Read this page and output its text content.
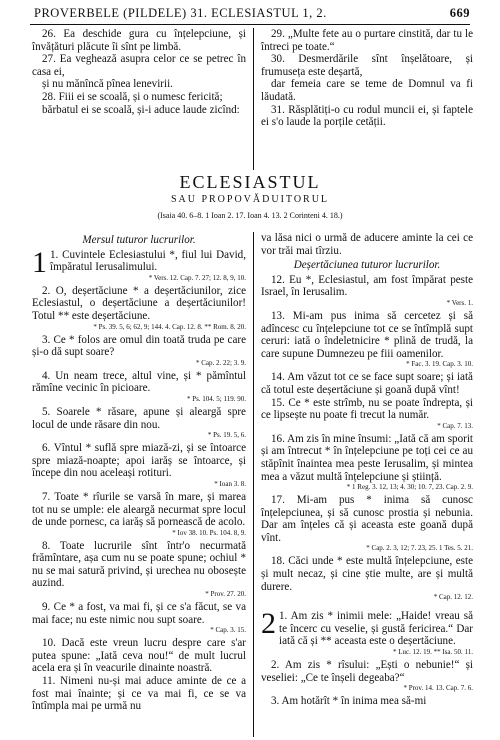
PROVERBELE (PILDELE) 31. ECLESIASTUL 1, 2.	669

26. Ea deschide gura cu înțelepciune, și învățături plăcute îi sînt pe limbă.

27. Ea veghează asupra celor ce se petrec în casa ei,

și nu mănîncă pînea lenevirii.

28. Fiii ei se scoală, și o numesc fericită;

bărbatul ei se scoală, și-i aduce laude zicînd:

29. „Multe fete au o purtare cinstită, dar tu le întreci pe toate.“

30. Desmerdările sînt înșelătoare, și frumuseța este deșartă,

dar femeia care se teme de Domnul va fi lăudată.

31. Răsplătiți-o cu rodul muncii ei, și faptele ei s'o laude la porțile cetății.

ECLESIASTUL
SAU PROPOVĂDUITORUL
(Isaia 40. 6–8. 1 Ioan 2. 17. Ioan 4. 13. 2 Corinteni 4. 18.)

Mersul tuturor lucrurilor.

1 1. Cuvintele Eclesiastului *, fiul lui David, împăratul Ierusalimului.

* Vers. 12. Cap. 7. 27; 12. 8, 9, 10.

2. O, deșertăciune * a deșertăciunilor, zice Eclesiastul, o deșertăciune a deșertăciunilor! Totul ** este deșertăciune.

* Ps. 39. 5, 6; 62, 9; 144. 4. Cap. 12. 8. ** Rom. 8. 20.

3. Ce * folos are omul din toată truda pe care și-o dă supt soare?

* Cap. 2. 22; 3. 9.

4. Un neam trece, altul vine, și * pămîntul rămîne vecinic în picioare.

* Ps. 104. 5; 119. 90.

5. Soarele * răsare, apune și aleargă spre locul de unde răsare din nou.

* Ps. 19. 5, 6.

6. Vîntul * suflă spre miază-zi, și se întoarce spre miază-noapte; apoi iarăș se întoarce, și începe din nou aceleași rotituri.

* Ioan 3. 8.

7. Toate * rîurile se varsă în mare, și marea tot nu se umple: ele aleargă necurmat spre locul de unde pornesc, ca iarăș să pornească de acolo.

* Iov 38. 10. Ps. 104. 8, 9.

8. Toate lucrurile sînt într'o necurmată frămîntare, așa cum nu se poate spune; ochiul * nu se mai satură privind, și urechea nu obosește auzind.

* Prov. 27. 20.

9. Ce * a fost, va mai fi, și ce s'a făcut, se va mai face; nu este nimic nou supt soare.

* Cap. 3. 15.

10. Dacă este vreun lucru despre care s'ar putea spune: „Iată ceva nou!“ de mult lucrul acela era și în veacurile dinainte noastră.

11. Nimeni nu-și mai aduce aminte de ce a fost mai înainte; și ce va mai fi, ce se va întîmpla mai pe urmă nu

va lăsa nici o urmă de aducere aminte la cei ce vor trăi mai tîrziu.

Deșertăciunea tuturor lucrurilor.

12. Eu *, Eclesiastul, am fost împărat peste Israel, în Ierusalim.

* Vers. 1.

13. Mi-am pus inima să cercetez și să adîncesc cu înțelepciune tot ce se întîmplă supt ceruri: iată o îndeletnicire * plină de trudă, la care supune Dumnezeu pe fiii oamenilor.

* Fac. 3. 19. Cap. 3. 10.

14. Am văzut tot ce se face supt soare; și iată că totul este deșertăciune și goană după vînt!

15. Ce * este strîmb, nu se poate îndrepta, și ce lipsește nu poate fi trecut la număr.

* Cap. 7. 13.

16. Am zis în mine însumi: „Iată că am sporit și am întrecut * în înțelepciune pe toți cei ce au stăpînit înaintea mea peste Ierusalim, și mintea mea a văzut multă înțelepciune și știință.

* 1 Reg. 3. 12, 13; 4. 30; 10. 7, 23. Cap. 2. 9.

17. Mi-am pus * inima să cunosc înțelepciunea, și să cunosc prostia și nebunia. Dar am înțeles că și aceasta este goană după vînt.

* Cap. 2. 3, 12; 7. 23, 25. 1 Tes. 5. 21.

18. Căci unde * este multă înțelepciune, este și mult necaz, și cine știe multe, are și multă durere.

* Cap. 12. 12.

2 1. Am zis * inimii mele: „Haide! vreau să te încerc cu veselie, și gustă fericirea.“ Dar iată că și ** aceasta este o deșertăciune.

* Luc. 12. 19. ** Isa. 50. 11.

2. Am zis * rîsului: „Ești o nebunie!“ și veseliei: „Ce te înșeli degeaba?“

* Prov. 14. 13. Cap. 7. 6.

3. Am hotărît * în inima mea să-mi
